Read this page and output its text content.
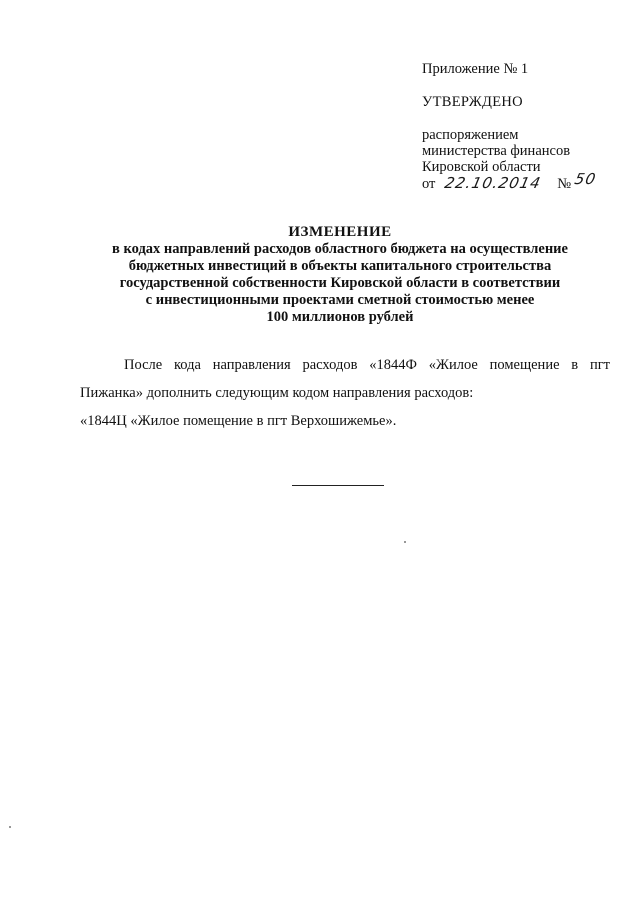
Приложение № 1

УТВЕРЖДЕНО

распоряжением
министерства финансов
Кировской области
от 22.10.2014 № 50
ИЗМЕНЕНИЕ
в кодах направлений расходов областного бюджета на осуществление
бюджетных инвестиций в объекты капитального строительства
государственной собственности Кировской области в соответствии
с инвестиционными проектами сметной стоимостью менее
100 миллионов рублей

После кода направления расходов «1844Ф «Жилое помещение в пгт Пижанка» дополнить следующим кодом направления расходов:

«1844Ц «Жилое помещение в пгт Верхошижемье».
